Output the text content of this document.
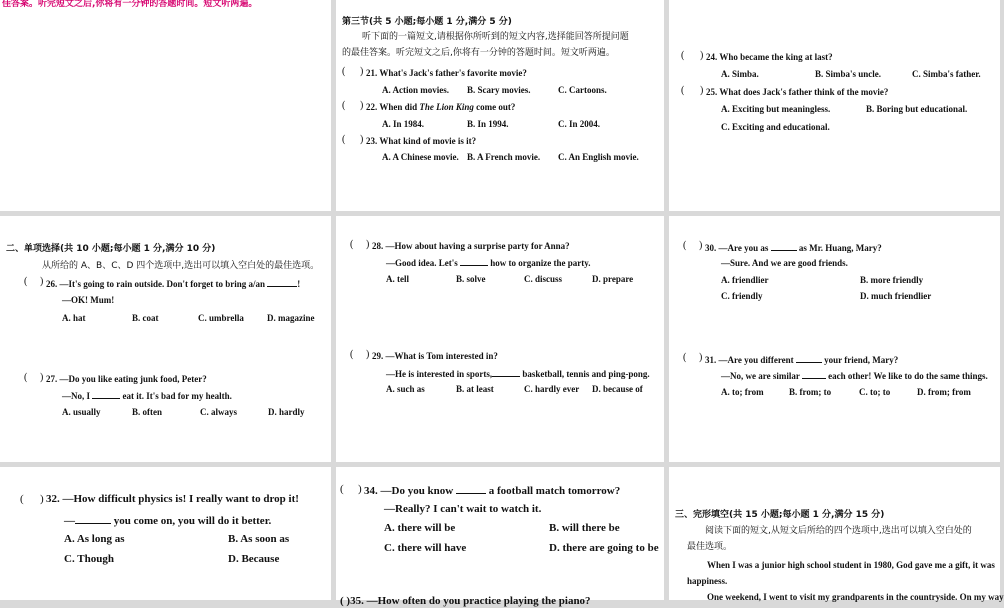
佳答案。听完短文之后,你将有一分钟的答题时间。短文听两遍。
第三节(共 5 小题;每小题 1 分,满分 5 分)
听下面的一篇短文,请根据你所听到的短文内容,选择能回答所提问题
的最佳答案。听完短文之后,你将有一分钟的答题时间。短文听两遍。
( ) 21. What's Jack's father's favorite movie?
A. Action movies. B. Scary movies.	C. Cartoons.
( ) 22. When did The Lion King come out?
A. In 1984.	B. In 1994.	C. In 2004.
( ) 23. What kind of movie is it?
A. A Chinese movie. B. A French movie. C. An English movie.
( ) 24. Who became the king at last?
A. Simba.	B. Simba's uncle.	C. Simba's father.
( ) 25. What does Jack's father think of the movie?
A. Exciting but meaningless.	B. Boring but educational.
C. Exciting and educational.
二、单项选择(共 10 小题;每小题 1 分,满分 10 分)
从所给的 A、B、C、D 四个选项中,选出可以填入空白处的最佳选项。
( ) 26. —It's going to rain outside. Don't forget to bring a/an	!
—OK! Mum!
A. hat	B. coat	C. umbrella	D. magazine
( ) 27. —Do you like eating junk food, Peter?
—No, I	eat it. It's bad for my health.
A. usually	B. often	C. always	D. hardly
( ) 28. —How about having a surprise party for Anna?
—Good idea. Let's	how to organize the party.
A. tell	B. solve	C. discuss	D. prepare
( ) 29. —What is Tom interested in?
—He is interested in sports,	basketball, tennis and ping-pong.
A. such as	B. at least	C. hardly ever D. because of
( ) 30. —Are you as	as Mr. Huang, Mary?
—Sure. And we are good friends.
A. friendlier	B. more friendly
C. friendly	D. much friendlier
( ) 31. —Are you different	your friend, Mary?
—No, we are similar	each other! We like to do the same things.
A. to; from	B. from; to	C. to; to	D. from; from
( ) 32. —How difficult physics is! I really want to drop it!
—	you come on, you will do it better.
A. As long as	B. As soon as
C. Though	D. Because
( ) 34. —Do you know	a football match tomorrow?
—Really? I can't wait to watch it.
A. there will be	B. will there be
C. there will have	D. there are going to be
( )35. —How often do you practice playing the piano?
三、完形填空(共 15 小题;每小题 1 分,满分 15 分)
阅读下面的短文,从短文后所给的四个选项中,选出可以填入空白处的
最佳选项。
When I was a junior high school student in 1980, God gave me a gift, it was
happiness.
One weekend, I went to visit my grandparents in the countryside. On my way
